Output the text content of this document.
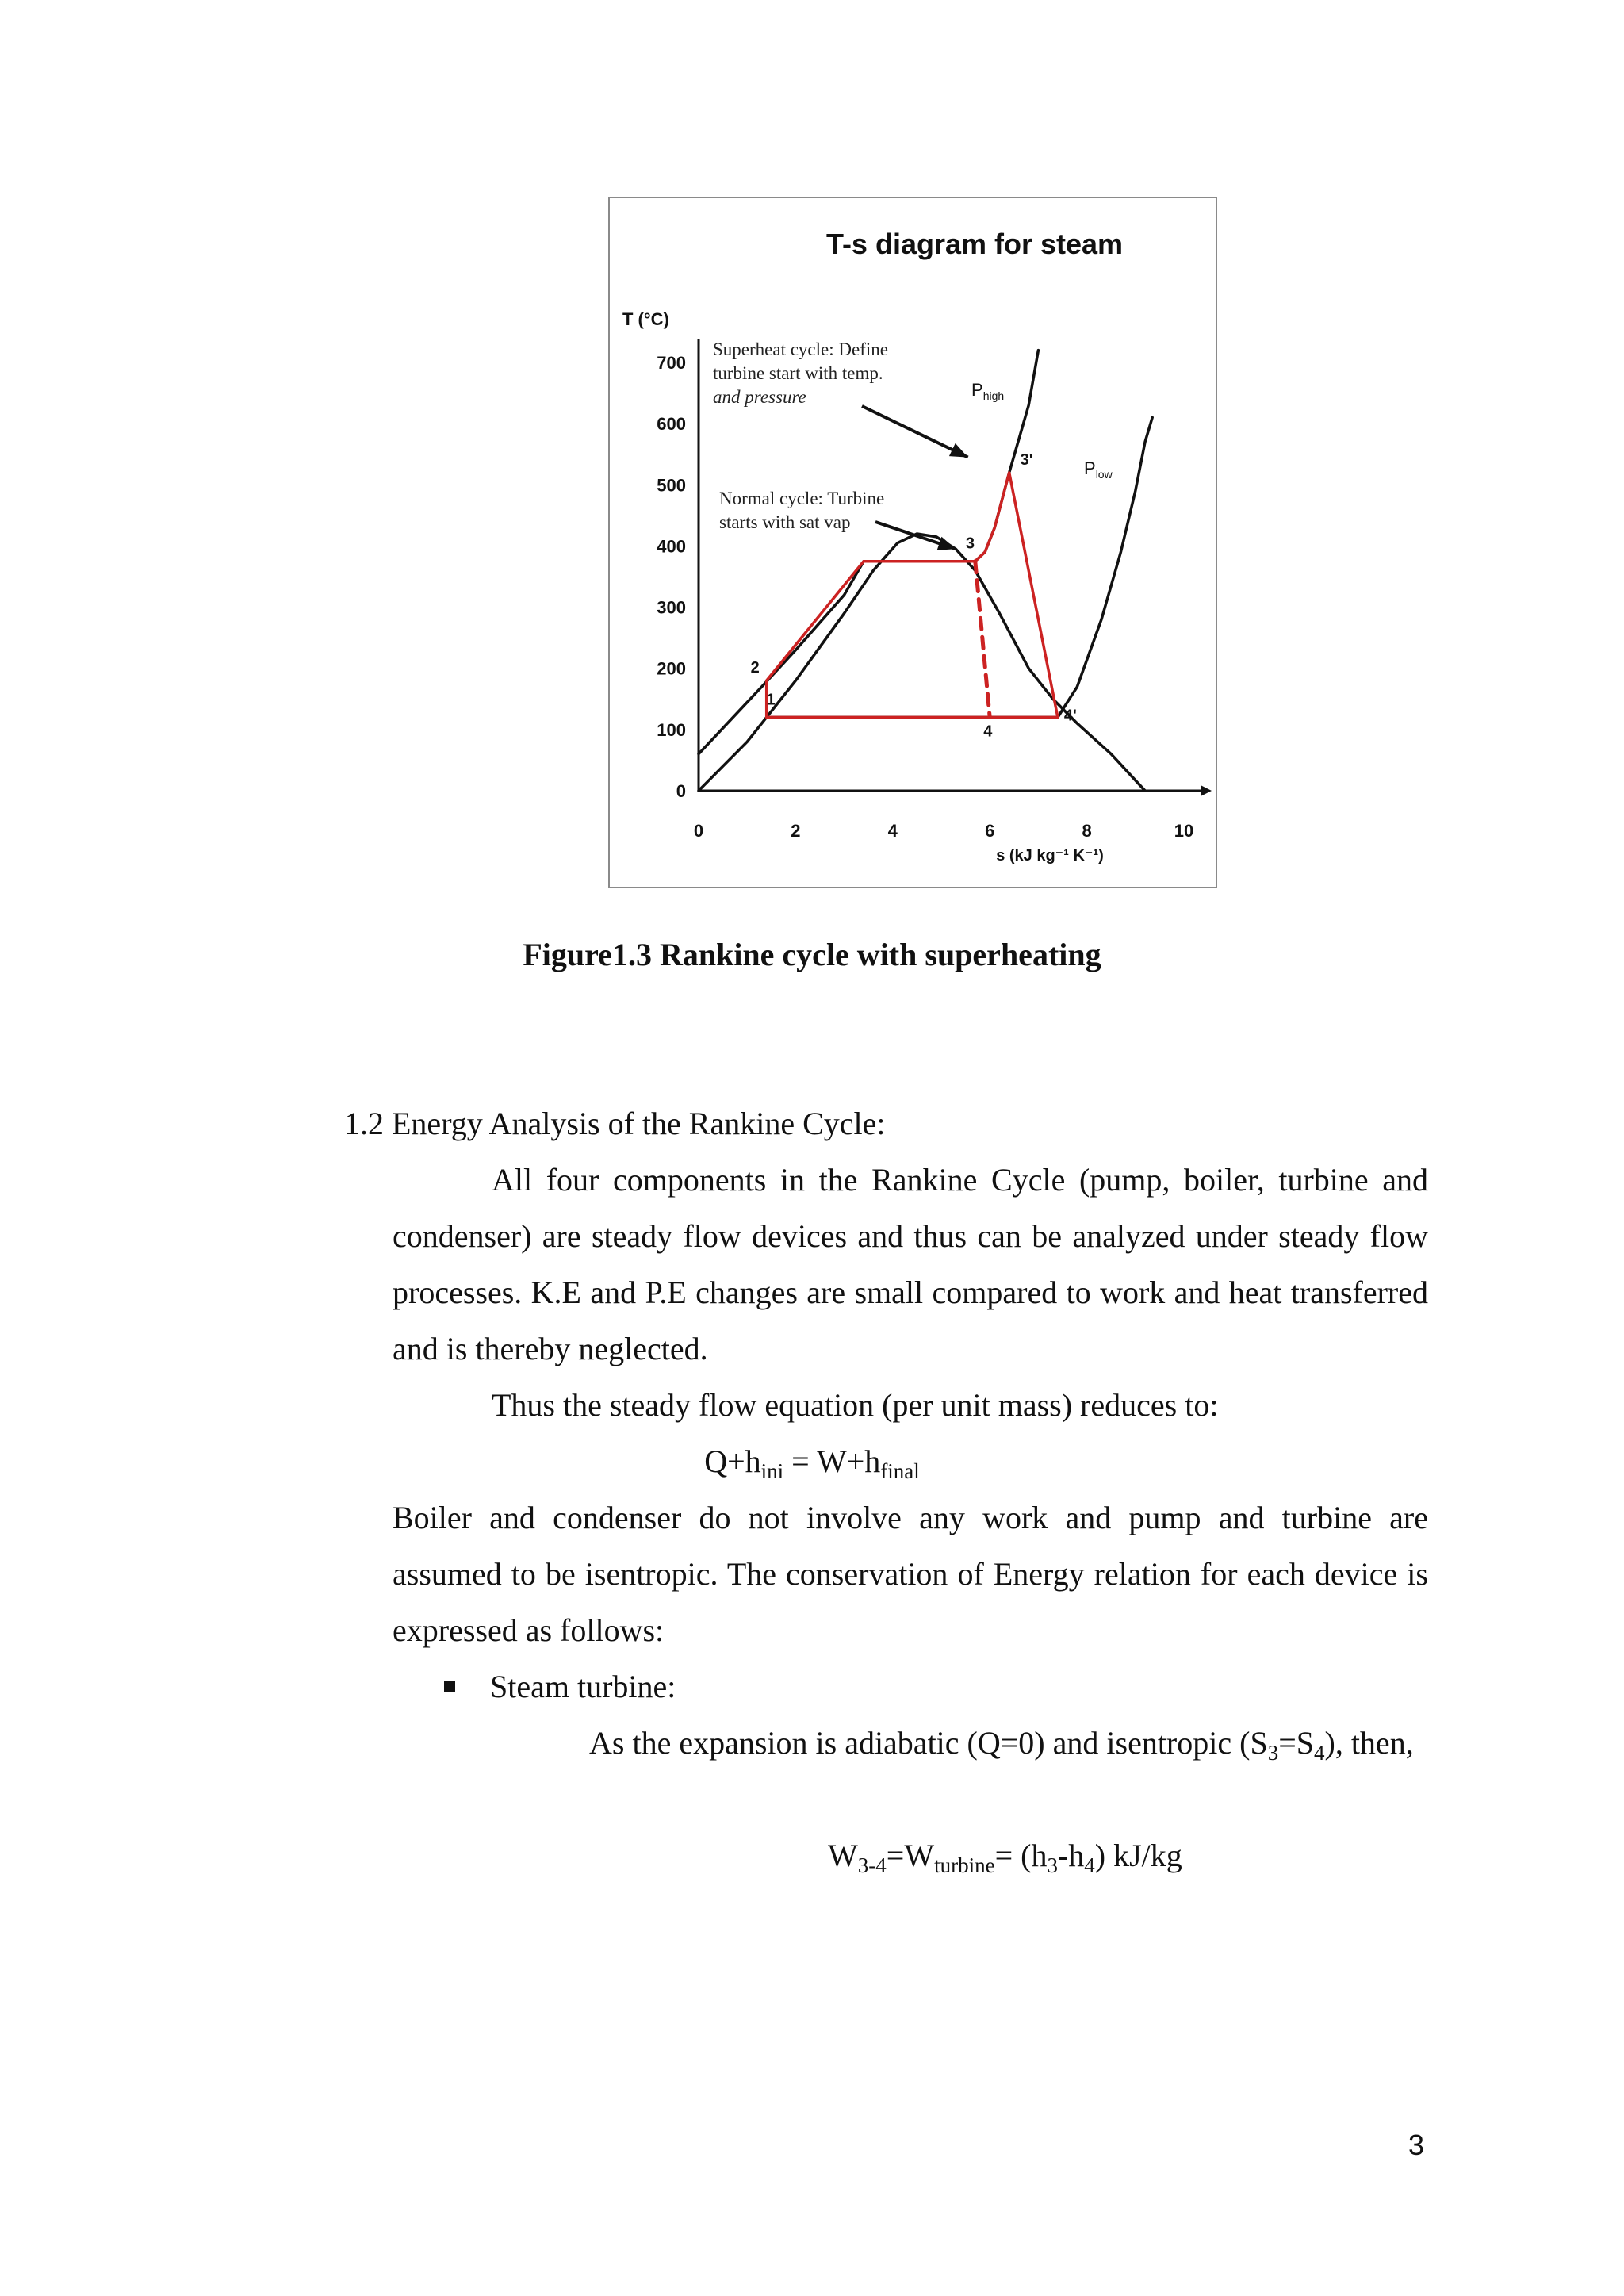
T-s diagram for steam
T (°C)
s (kJ kg⁻¹ K⁻¹)
0
100
200
300
400
500
600
700
0	2	4	6	8	10
1
2
3
3'
4
4'
Superheat cycle: Define
turbine start with temp.
and pressure
Normal cycle: Turbine
starts with sat vap
$P_{high}$
$P_{low}$
Figure1.3 Rankine cycle with superheating
1.2 Energy Analysis of the Rankine Cycle:
All four components in the Rankine Cycle (pump, boiler, turbine and condenser) are steady flow devices and thus can be analyzed under steady flow processes. K.E and P.E changes are small compared to work and heat transferred and is thereby neglected.
Thus the steady flow equation (per unit mass) reduces to:
$Q+h_{ini} = W+h_{final}$
Boiler and condenser do not involve any work and pump and turbine are assumed to be isentropic. The conservation of Energy relation for each device is expressed as follows:
Steam turbine:
As the expansion is adiabatic (Q=0) and isentropic $(S_3=S_4)$, then,
$W_{3-4}=W_{turbine}= (h_3-h_4)$ kJ/kg
3
